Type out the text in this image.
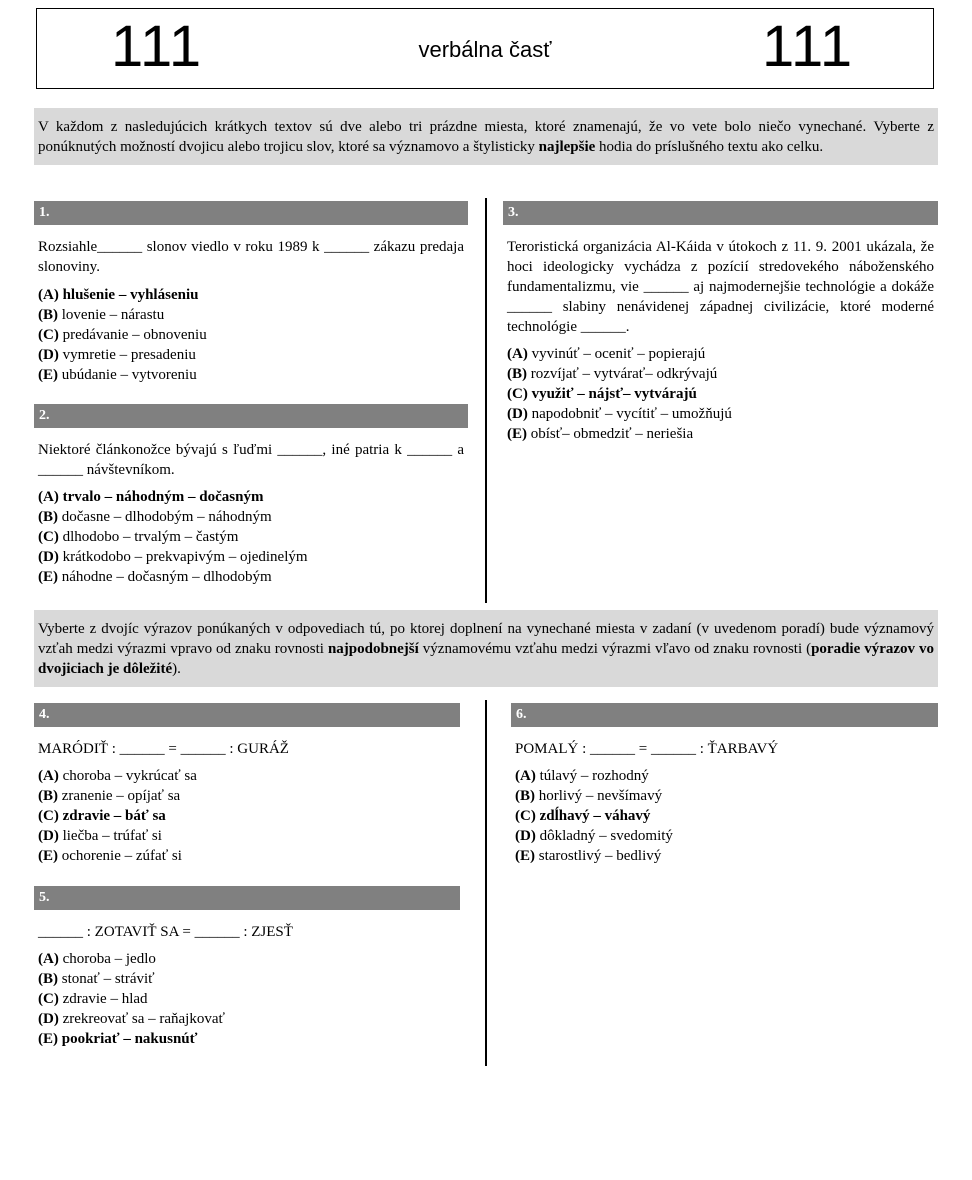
111	verbálna časť	111
V každom z nasledujúcich krátkych textov sú dve alebo tri prázdne miesta, ktoré znamenajú, že vo vete bolo niečo vynechané. Vyberte z ponúknutých možností dvojicu alebo trojicu slov, ktoré sa významovo a štylisticky najlepšie hodia do príslušného textu ako celku.
1.
Rozsiahle______ slonov viedlo v roku 1989 k ______ zákazu predaja slonoviny.
(A) hlušenie – vyhláseniu
(B) lovenie – nárastu
(C) predávanie – obnoveniu
(D) vymretie – presadeniu
(E) ubúdanie – vytvoreniu
2.
Niektoré článkonožce bývajú s ľuďmi ______, iné patria k ______ a ______ návštevníkom.
(A) trvalo – náhodným – dočasným
(B) dočasne – dlhodobým – náhodným
(C) dlhodobo – trvalým – častým
(D) krátkodobo – prekvapivým – ojedinelým
(E) náhodne – dočasným – dlhodobým
3.
Teroristická organizácia Al-Káida v útokoch z 11. 9. 2001 ukázala, že hoci ideologicky vychádza z pozícií stredovekého náboženského fundamentalizmu, vie ______ aj najmodernejšie technológie a dokáže ______ slabiny nenávidenej západnej civilizácie, ktoré moderné technológie ______.
(A) vyvinúť – oceniť – popierajú
(B) rozvíjať – vytvárať– odkrývajú
(C) využiť – nájsť– vytvárajú
(D) napodobniť – vycítiť – umožňujú
(E) obísť– obmedziť – neriešia
Vyberte z dvojíc výrazov ponúkaných v odpovediach tú, po ktorej doplnení na vynechané miesta v zadaní (v uvedenom poradí) bude významový vzťah medzi výrazmi vpravo od znaku rovnosti najpodobnejší významovému vzťahu medzi výrazmi vľavo od znaku rovnosti (poradie výrazov vo dvojiciach je dôležité).
4.
MARÓDIŤ : ______ = ______ : GURÁŽ
(A) choroba – vykrúcať sa
(B) zranenie – opíjať sa
(C) zdravie – báť sa
(D) liečba – trúfať si
(E) ochorenie – zúfať si
5.
______ : ZOTAVIŤ SA = ______ : ZJESŤ
(A) choroba – jedlo
(B) stonať – stráviť
(C) zdravie – hlad
(D) zrekreovať sa – raňajkovať
(E) pookriať – nakusnúť
6.
POMALÝ : ______ = ______ : ŤARBAVÝ
(A) túlavý – rozhodný
(B) horlivý – nevšímavý
(C) zdĺhavý – váhavý
(D) dôkladný – svedomitý
(E) starostlivý – bedlivý
